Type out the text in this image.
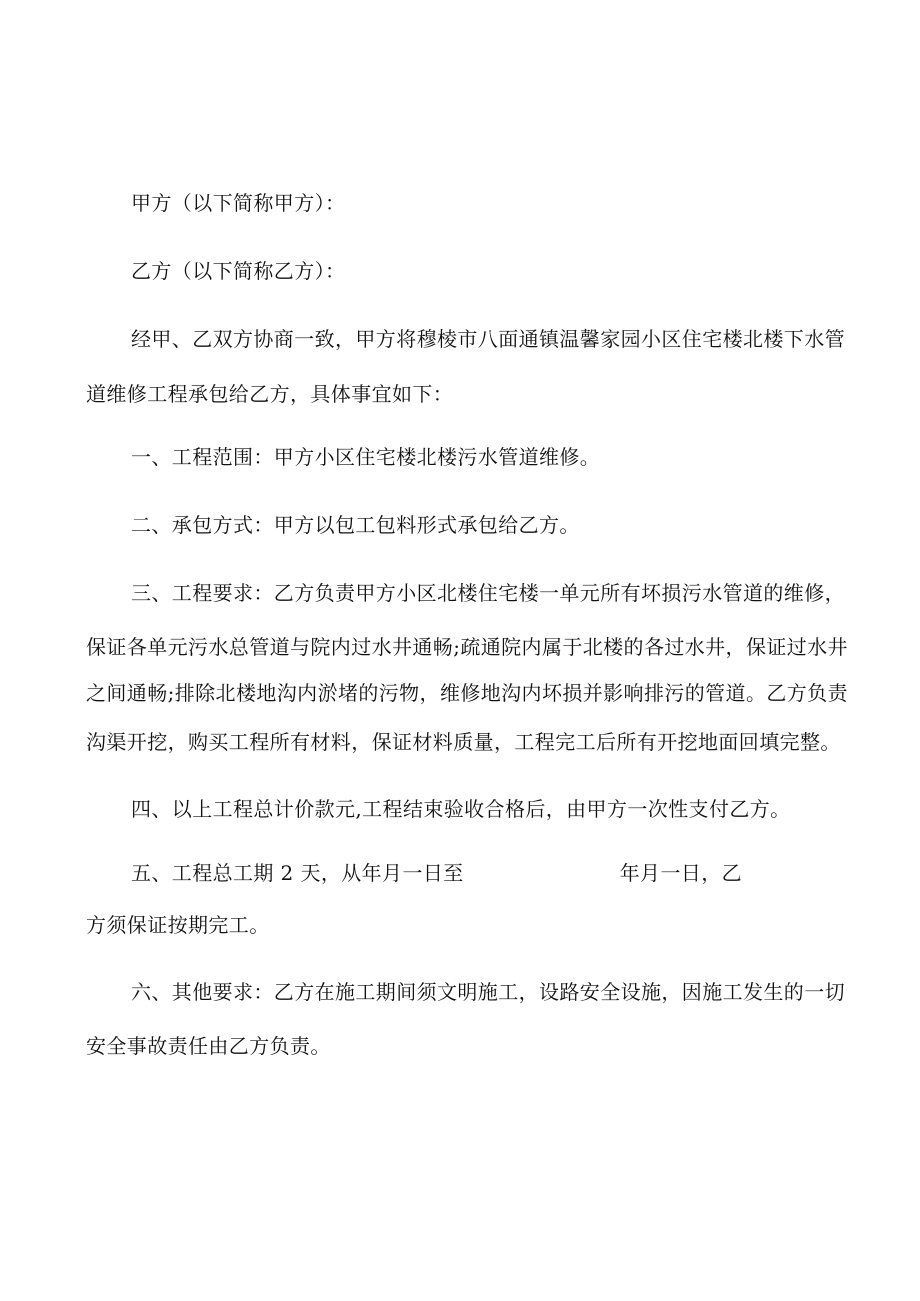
甲方（以下简称甲方）：
乙方（以下简称乙方）：
经甲、乙双方协商一致，甲方将穆棱市八面通镇温馨家园小区住宅楼北楼下水管
道维修工程承包给乙方，具体事宜如下：
一、工程范围：甲方小区住宅楼北楼污水管道维修。
二、承包方式：甲方以包工包料形式承包给乙方。
三、工程要求：乙方负责甲方小区北楼住宅楼一单元所有坏损污水管道的维修，
保证各单元污水总管道与院内过水井通畅;疏通院内属于北楼的各过水井，保证过水井
之间通畅;排除北楼地沟内淤堵的污物，维修地沟内坏损并影响排污的管道。乙方负责
沟渠开挖，购买工程所有材料，保证材料质量，工程完工后所有开挖地面回填完整。
四、以上工程总计价款元,工程结束验收合格后，由甲方一次性支付乙方。
五、工程总工期 2 天，从年月一日至	年月一日，乙
方须保证按期完工。
六、其他要求：乙方在施工期间须文明施工，设路安全设施，因施工发生的一切
安全事故责任由乙方负责。
